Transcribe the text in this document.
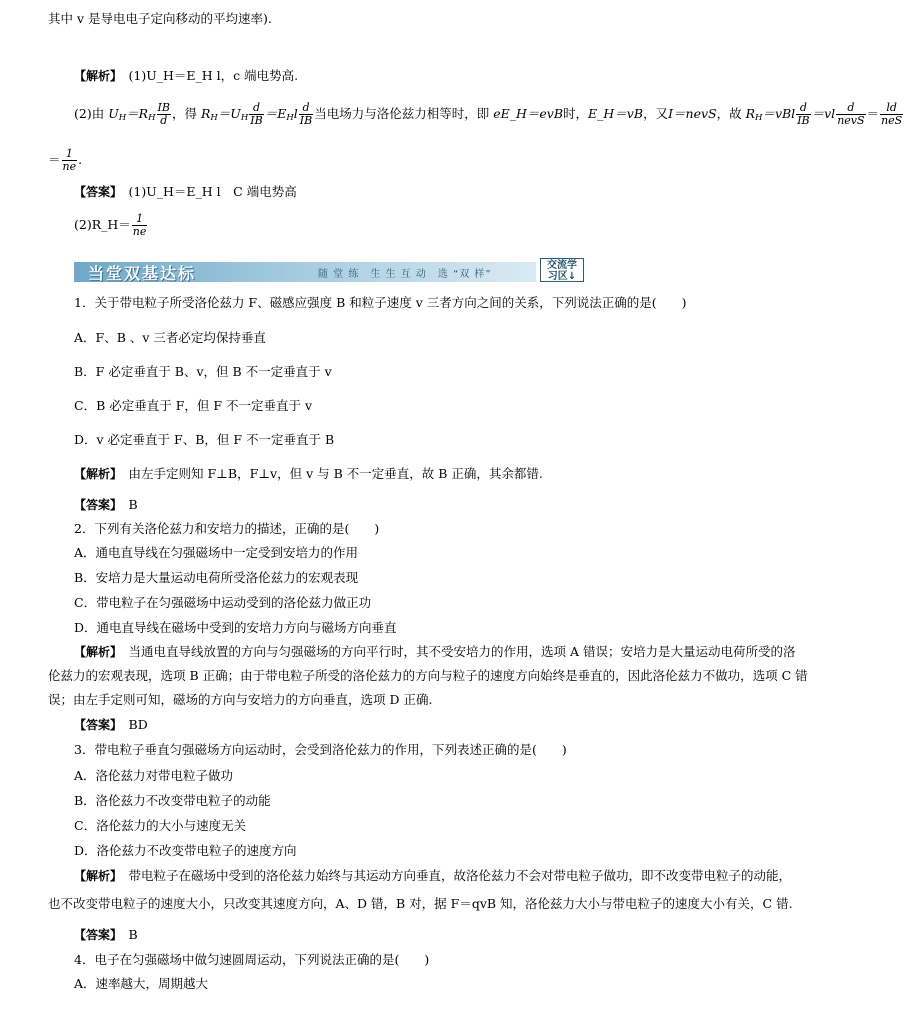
其中 v 是导电电子定向移动的平均速率).
【解析】　 (1)U_H＝E_H l，c 端电势高.
(2)由 $U_H=R_H \frac{IB}{d}$ ，得 $R_H=U_H \frac{d}{IB} =E_Hl \frac{d}{IB}$ 当电场力与洛伦兹力相等时，即 eE_H＝evB时，E_H＝vB，又I＝nevS，故 $R_H=vBl \frac{d}{IB} =vl \frac{d}{\text{nevS}} = \frac{ld}{\text{neS}}$
＝ $\frac{1}{ne}$ .
【答案】　 (1)U_H＝E_H l　C 端电势高
(2)R_H＝ $\frac{1}{ne}$
当堂双基达标	随 堂 练　生 生 互 动　选 “双 样”
交流学
习区↓
1．关于带电粒子所受洛伦兹力 F、磁感应强度 B 和粒子速度 v 三者方向之间的关系，下列说法正确的是(　　)
A．F、B 、v 三者必定均保持垂直
B．F 必定垂直于 B、v，但 B 不一定垂直于 v
C．B 必定垂直于 F，但 F 不一定垂直于 v
D．v 必定垂直于 F、B，但 F 不一定垂直于 B
【解析】　 由左手定则知 F⊥B，F⊥v，但 v 与 B 不一定垂直，故 B 正确，其余都错.
【答案】　 B
2．下列有关洛伦兹力和安培力的描述，正确的是(　　)
A．通电直导线在匀强磁场中一定受到安培力的作用
B．安培力是大量运动电荷所受洛伦兹力的宏观表现
C．带电粒子在匀强磁场中运动受到的洛伦兹力做正功
D．通电直导线在磁场中受到的安培力方向与磁场方向垂直
【解析】　 当通电直导线放置的方向与匀强磁场的方向平行时，其不受安培力的作用，选项 A 错误；安培力是大量运动电荷所受的洛
伦兹力的宏观表现，选项 B 正确；由于带电粒子所受的洛伦兹力的方向与粒子的速度方向始终是垂直的，因此洛伦兹力不做功，选项 C 错
误；由左手定则可知，磁场的方向与安培力的方向垂直，选项 D 正确.
【答案】　 BD
3．带电粒子垂直匀强磁场方向运动时，会受到洛伦兹力的作用，下列表述正确的是(　　)
A．洛伦兹力对带电粒子做功
B．洛伦兹力不改变带电粒子的动能
C．洛伦兹力的大小与速度无关
D．洛伦兹力不改变带电粒子的速度方向
【解析】　 带电粒子在磁场中受到的洛伦兹力始终与其运动方向垂直，故洛伦兹力不会对带电粒子做功，即不改变带电粒子的动能，
也不改变带电粒子的速度大小，只改变其速度方向，A、D 错，B 对，据 F＝qvB 知，洛伦兹力大小与带电粒子的速度大小有关，C 错.
【答案】　 B
4．电子在匀强磁场中做匀速圆周运动，下列说法正确的是(　　)
A．速率越大，周期越大
